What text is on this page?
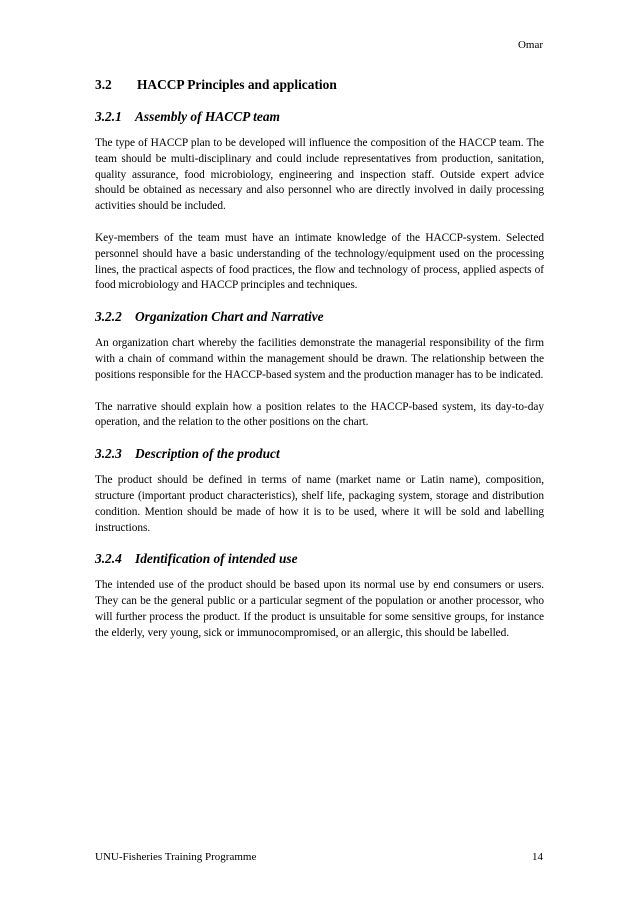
Omar
3.2	HACCP Principles and application
3.2.1 Assembly of HACCP team

The type of HACCP plan to be developed will influence the composition of the HACCP team. The team should be multi-disciplinary and could include representatives from production, sanitation, quality assurance, food microbiology, engineering and inspection staff. Outside expert advice should be obtained as necessary and also personnel who are directly involved in daily processing activities should be included.

Key-members of the team must have an intimate knowledge of the HACCP-system. Selected personnel should have a basic understanding of the technology/equipment used on the processing lines, the practical aspects of food practices, the flow and technology of process, applied aspects of food microbiology and HACCP principles and techniques.

3.2.2 Organization Chart and Narrative

An organization chart whereby the facilities demonstrate the managerial responsibility of the firm with a chain of command within the management should be drawn. The relationship between the positions responsible for the HACCP-based system and the production manager has to be indicated.

The narrative should explain how a position relates to the HACCP-based system, its day-to-day operation, and the relation to the other positions on the chart.

3.2.3 Description of the product

The product should be defined in terms of name (market name or Latin name), composition, structure (important product characteristics), shelf life, packaging system, storage and distribution condition. Mention should be made of how it is to be used, where it will be sold and labelling instructions.

3.2.4 Identification of intended use

The intended use of the product should be based upon its normal use by end consumers or users. They can be the general public or a particular segment of the population or another processor, who will further process the product. If the product is unsuitable for some sensitive groups, for instance the elderly, very young, sick or immunocompromised, or an allergic, this should be labelled.

UNU-Fisheries Training Programme	14
